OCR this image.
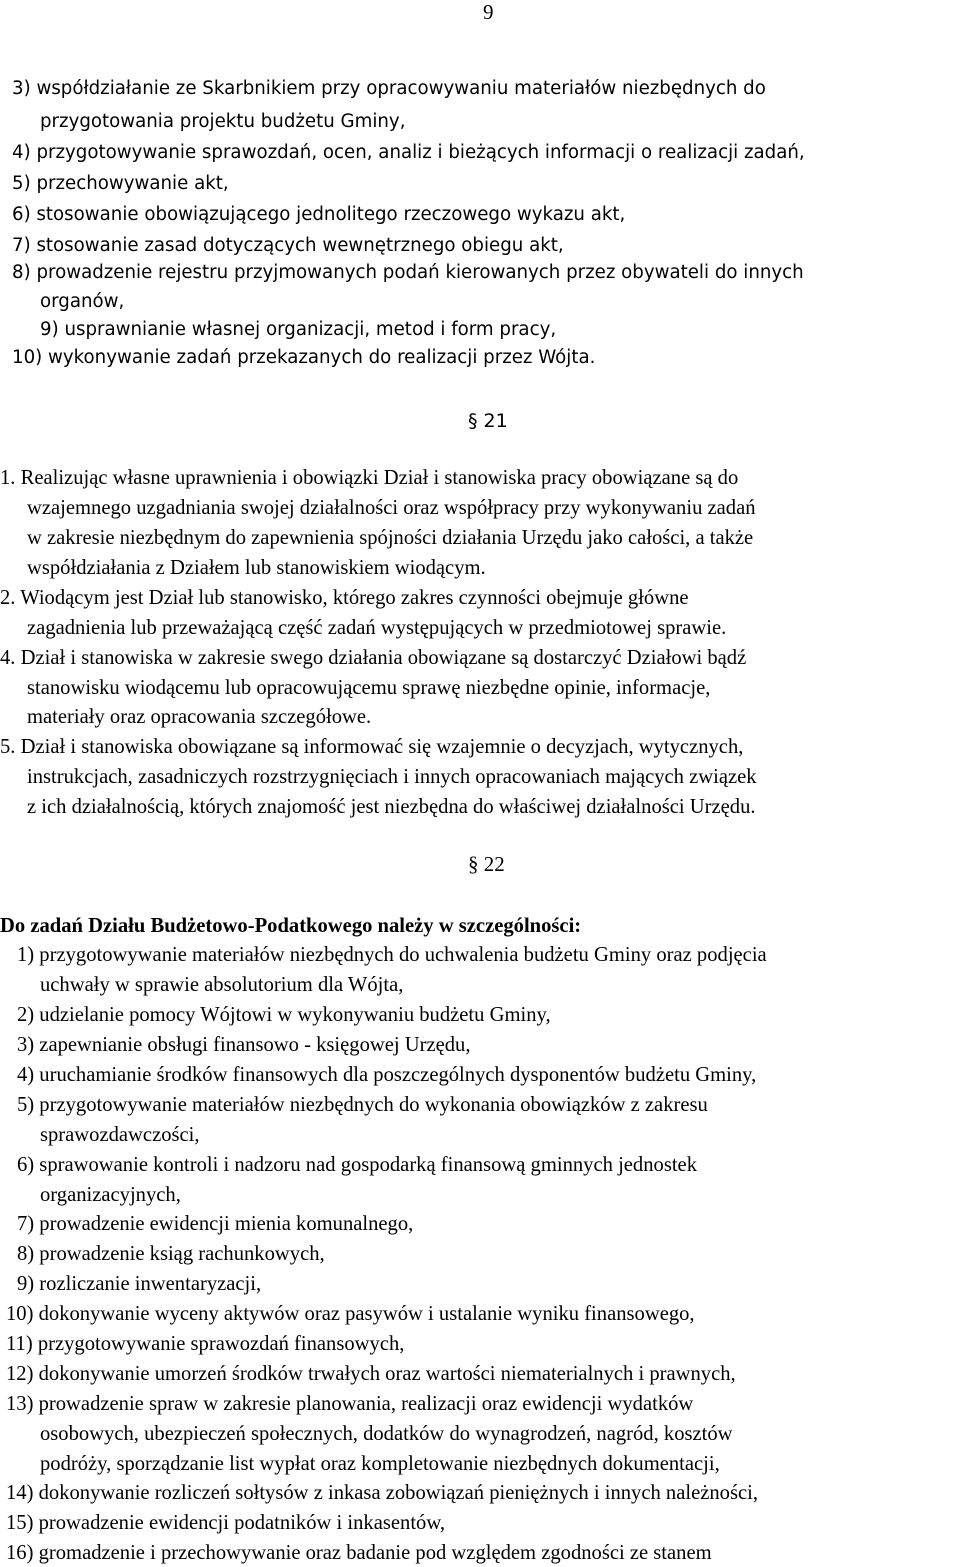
9
3) współdziałanie ze Skarbnikiem przy opracowywaniu materiałów niezbędnych do
przygotowania projektu budżetu Gminy,
4) przygotowywanie sprawozdań, ocen, analiz i bieżących informacji o realizacji zadań,
5) przechowywanie akt,
6) stosowanie obowiązującego jednolitego rzeczowego wykazu akt,
7) stosowanie zasad dotyczących wewnętrznego obiegu akt,
8) prowadzenie rejestru przyjmowanych podań kierowanych przez obywateli do innych
organów,
9) usprawnianie własnej organizacji, metod i form pracy,
10) wykonywanie zadań przekazanych do realizacji przez Wójta.
§ 21
1. Realizując własne uprawnienia i obowiązki Dział i stanowiska pracy obowiązane są do
wzajemnego uzgadniania swojej działalności oraz współpracy przy wykonywaniu zadań
w zakresie niezbędnym do zapewnienia spójności działania Urzędu jako całości, a także
współdziałania z Działem lub stanowiskiem wiodącym.
2. Wiodącym jest Dział lub stanowisko, którego zakres czynności obejmuje główne
zagadnienia lub przeważającą część zadań występujących w przedmiotowej sprawie.
4. Dział i stanowiska w zakresie swego działania obowiązane są dostarczyć Działowi bądź
stanowisku wiodącemu lub opracowującemu sprawę niezbędne opinie, informacje,
materiały oraz opracowania szczegółowe.
5. Dział i stanowiska obowiązane są informować się wzajemnie o decyzjach, wytycznych,
instrukcjach, zasadniczych rozstrzygnięciach i innych opracowaniach mających związek
z ich działalnością, których znajomość jest niezbędna do właściwej działalności Urzędu.
§ 22
Do zadań Działu Budżetowo-Podatkowego należy w szczególności:
1) przygotowywanie materiałów niezbędnych do uchwalenia budżetu Gminy oraz podjęcia
uchwały w sprawie absolutorium dla Wójta,
2) udzielanie pomocy Wójtowi w wykonywaniu budżetu Gminy,
3) zapewnianie obsługi finansowo - księgowej Urzędu,
4) uruchamianie środków finansowych dla poszczególnych dysponentów budżetu Gminy,
5) przygotowywanie materiałów niezbędnych do wykonania obowiązków z zakresu
sprawozdawczości,
6) sprawowanie kontroli i nadzoru nad gospodarką finansową gminnych jednostek
organizacyjnych,
7) prowadzenie ewidencji mienia komunalnego,
8) prowadzenie ksiąg rachunkowych,
9) rozliczanie inwentaryzacji,
10) dokonywanie wyceny aktywów oraz pasywów i ustalanie wyniku finansowego,
11) przygotowywanie sprawozdań finansowych,
12) dokonywanie umorzeń środków trwałych oraz wartości niematerialnych i prawnych,
13) prowadzenie spraw w zakresie planowania, realizacji oraz ewidencji wydatków
osobowych, ubezpieczeń społecznych, dodatków do wynagrodzeń, nagród, kosztów
podróży, sporządzanie list wypłat oraz kompletowanie niezbędnych dokumentacji,
14) dokonywanie rozliczeń sołtysów z inkasa zobowiązań pieniężnych i innych należności,
15) prowadzenie ewidencji podatników i inkasentów,
16) gromadzenie i przechowywanie oraz badanie pod względem zgodności ze stanem
